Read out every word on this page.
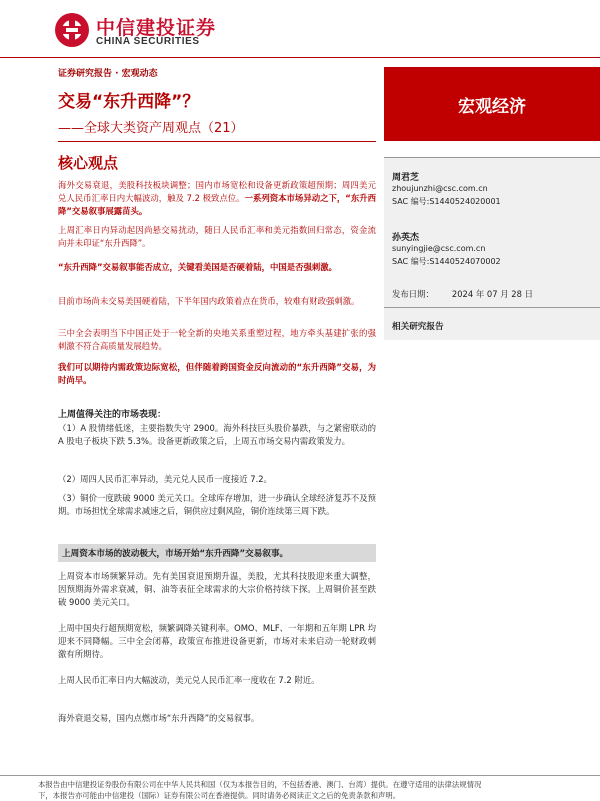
中信建投证券
CHINA SECURITIES
证券研究报告 · 宏观动态
交易“东升西降”？
——全球大类资产周观点（21）
宏观经济
核心观点
海外交易衰退，美股科技板块调整；国内市场宽松和设备更新政策超预期；周四美元兑人民币汇率日内大幅波动，触及 7.2 极致点位。一系列资本市场异动之下，“东升西降”交易叙事展露苗头。
上周汇率日内异动起因尚悬交易扰动，随日人民币汇率和美元指数回归常态，资金流向并未印证“东升西降”。
“东升西降”交易叙事能否成立，关键看美国是否硬着陆，中国是否强刺激。
目前市场尚未交易美国硬着陆，下半年国内政策着点在货币，较难有财政强刺激。
三中全会表明当下中国正处于一轮全新的央地关系重塑过程，地方牵头基建扩张的强刺激不符合高质量发展趋势。
我们可以期待内需政策边际宽松，但伴随着跨国资金反向流动的“东升西降”交易，为时尚早。
上周值得关注的市场表现：
（1）A 股情绪低迷，主要指数失守 2900。海外科技巨头股价暴跌，与之紧密联动的 A 股电子板块下跌 5.3%。设备更新政策之后，上周五市场交易内需政策发力。
（2）周四人民币汇率异动，美元兑人民币一度接近 7.2。
（3）铜价一度跌破 9000 美元关口。全球库存增加，进一步确认全球经济复苏不及预期。市场担忧全球需求减速之后，铜供应过剩风险，铜价连续第三周下跌。
上周资本市场的波动极大，市场开始“东升西降”交易叙事。
上周资本市场频繁异动。先有美国衰退预期升温，美股，尤其科技股迎来重大调整，因预期海外需求衰减，铜、油等表征全球需求的大宗价格持续下探。上周铜价甚至跌破 9000 美元关口。
上周中国央行超预期宽松，频繁调降关键利率。OMO、MLF、一年期和五年期 LPR 均迎来不同降幅。三中全会闭幕，政策宣布推进设备更新，市场对未来启动一轮财政刺激有所期待。
上周人民币汇率日内大幅波动，美元兑人民币汇率一度收在 7.2 附近。
海外衰退交易，国内点燃市场“东升西降”的交易叙事。
周君芝
zhoujunzhi@csc.com.cn
SAC 编号:S1440524020001
孙英杰
sunyingjie@csc.com.cn
SAC 编号:S1440524070002
发布日期： 2024 年 07 月 28 日
相关研究报告
本报告由中信建投证券股份有限公司在中华人民共和国（仅为本报告目的，不包括香港、澳门、台湾）提供。在遵守适用的法律法规情况
下，本报告亦可能由中信建投（国际）证券有限公司在香港提供。同时请务必阅读正文之后的免责条款和声明。
